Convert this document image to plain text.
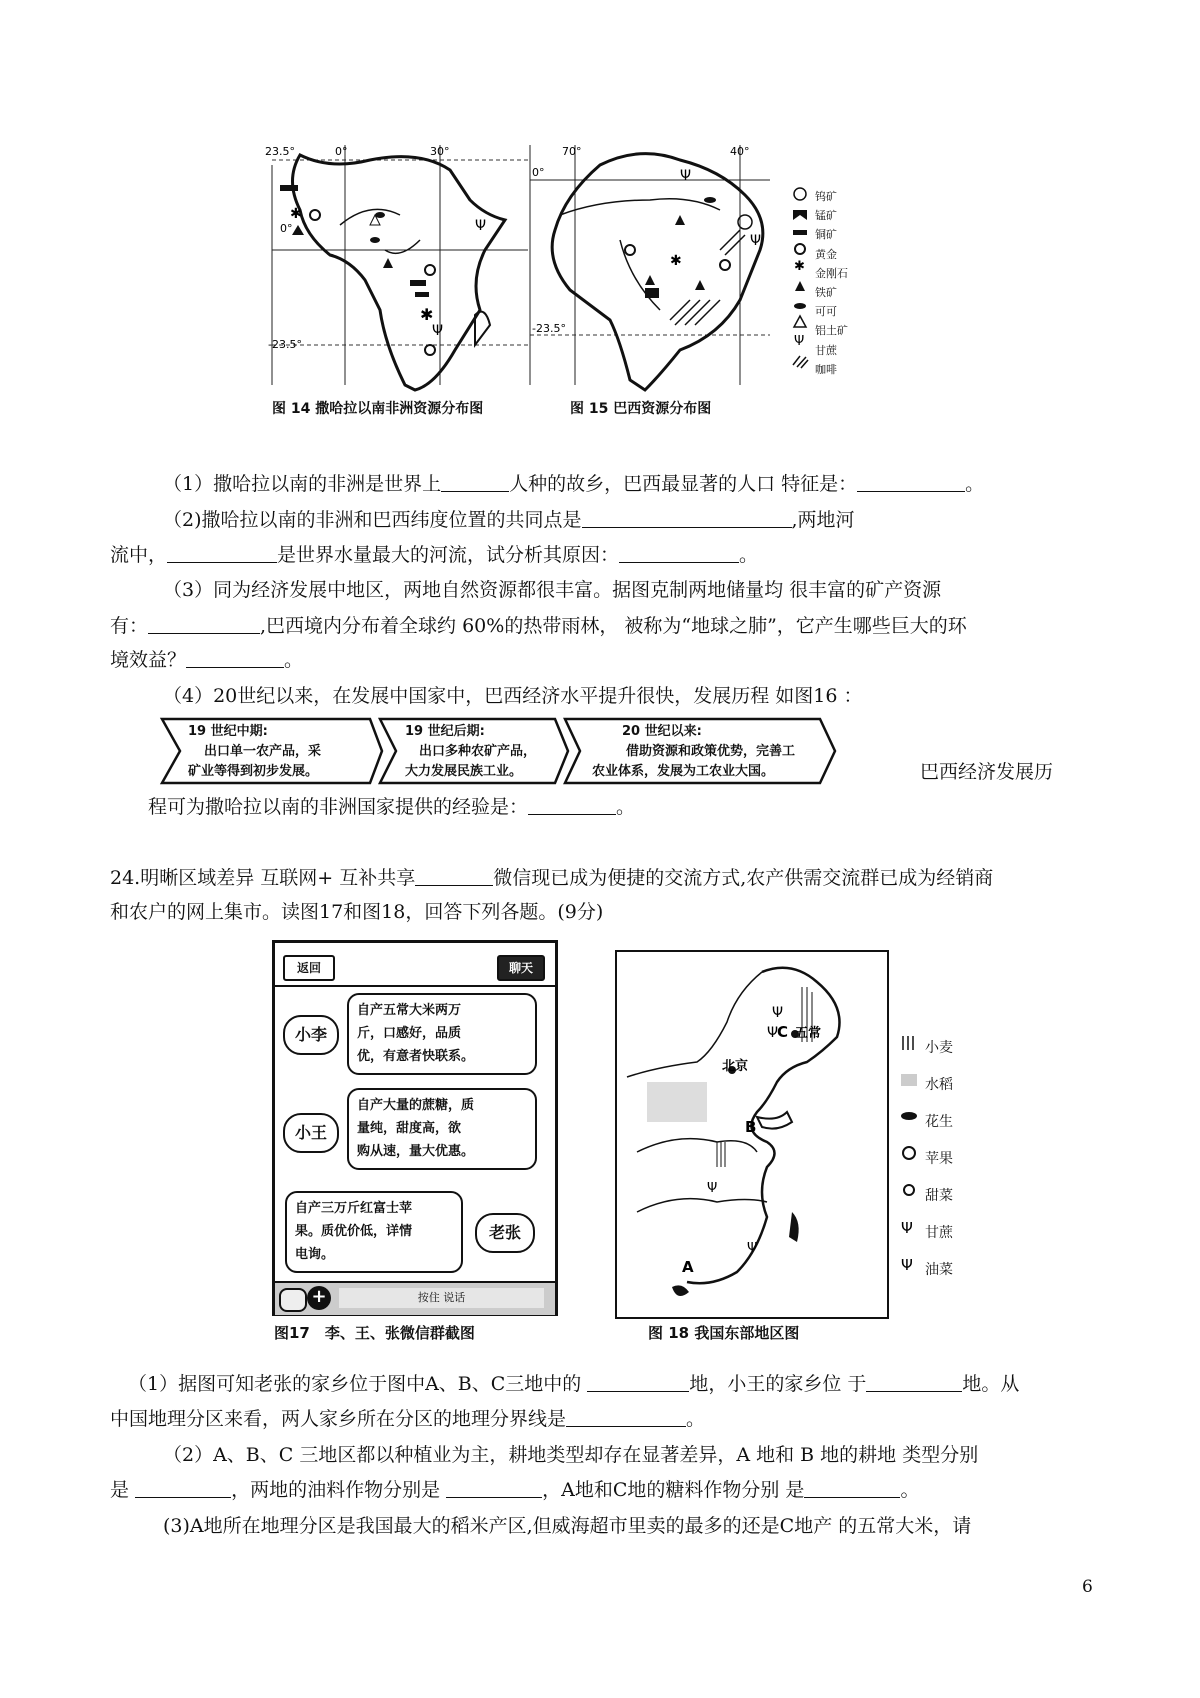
✱
✱
Ψ
Ψ
23.5°
0°
-23.5°
0°	30°
✱
Ψ
Ψ
0°
-23.5°
70°	40°
✱
Ψ
钨矿
锰矿
铜矿
黄金
金刚石
铁矿
可可
铝土矿
甘蔗
咖啡
图 14 撒哈拉以南非洲资源分布图	图 15 巴西资源分布图
（1）撒哈拉以南的非洲是世界上	人种的故乡，巴西最显著的人口 特征是：	。
（2)撒哈拉以南的非洲和巴西纬度位置的共同点是	,两地河
流中，	是世界水量最大的河流，试分析其原因：	。
（3）同为经济发展中地区，两地自然资源都很丰富。据图克制两地储量均 很丰富的矿产资源
有：	,巴西境内分布着全球约 60%的热带雨林， 被称为“地球之肺”，它产生哪些巨大的环
境效益？	。
（4）20世纪以来，在发展中国家中，巴西经济水平提升很快，发展历程 如图16 ：
19 世纪中期:
出口单一农产品，采
矿业等得到初步发展。
19 世纪后期:
出口多种农矿产品，
大力发展民族工业。
20 世纪以来:
借助资源和政策优势，完善工
农业体系，发展为工农业大国。	巴西经济发展历
程可为撒哈拉以南的非洲国家提供的经验是：	。
24.明晰区域差异 互联网+ 互补共享	微信现已成为便捷的交流方式,农产供需交流群已成为经销商
和农户的网上集市。读图17和图18，回答下列各题。(9分)
返回	聊天
小李
自产五常大米两万
斤，口感好，品质
优，有意者快联系。
小王
自产大量的蔗糖，质
量纯，甜度高，欲
购从速，量大优惠。
自产三万斤红富士苹
果。质优价低，详情
电询。
老张
+	按住 说话
图17　李、王、张微信群截图
Ψ
Ψ
Ψ
Ψ
北京
五常
C
B
A
Ψ
Ψ
小麦
水稻
花生
苹果
甜菜
甘蔗
油菜
图 18 我国东部地区图
（1）据图可知老张的家乡位于图中A、B、C三地中的	地，小王的家乡位 于	地。从
中国地理分区来看，两人家乡所在分区的地理分界线是	。
（2）A、B、C 三地区都以种植业为主，耕地类型却存在显著差异，A 地和 B 地的耕地 类型分别
是	，两地的油料作物分别是	，A地和C地的糖料作物分别 是	。
(3)A地所在地理分区是我国最大的稻米产区,但威海超市里卖的最多的还是C地产 的五常大米，请
6
